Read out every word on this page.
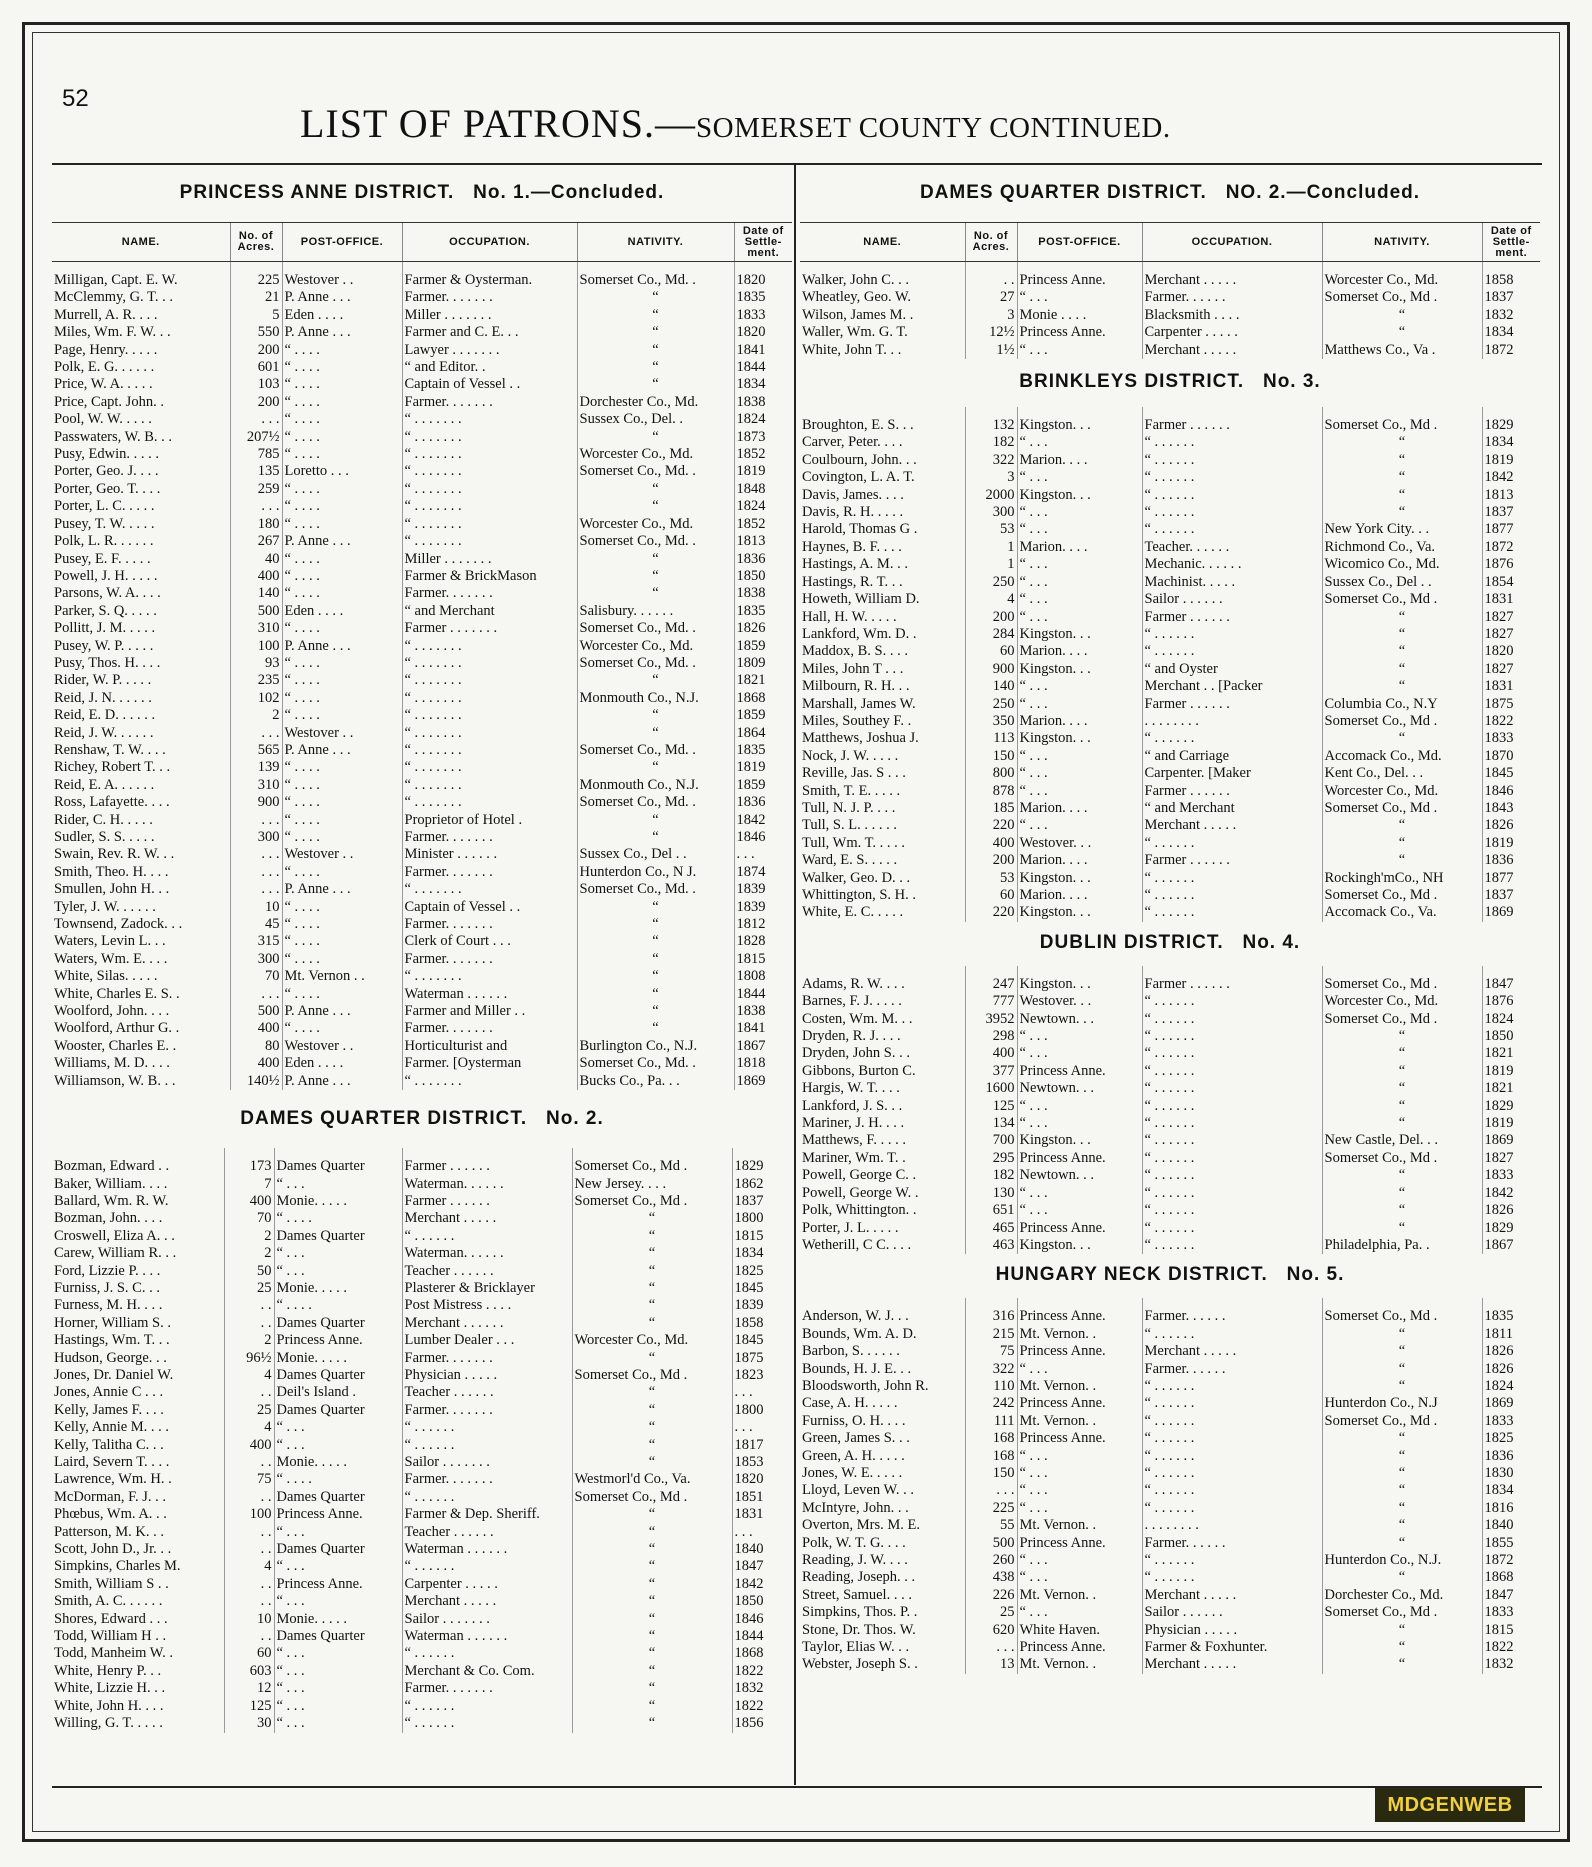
52
LIST OF PATRONS.—SOMERSET COUNTY CONTINUED.
PRINCESS ANNE DISTRICT. No. 1.—Concluded.
NAME.	No. of Acres.	POST-OFFICE.	OCCUPATION.	NATIVITY.	Date of Settle-ment.

Milligan, Capt. E. W.	225	Westover . .	Farmer & Oysterman.	Somerset Co., Md. .	1820
McClemmy, G. T. . .	21	P. Anne . . .	Farmer. . . . . . .	“	1835
Murrell, A. R. . . .	5	Eden . . . .	Miller . . . . . . .	“	1833
Miles, Wm. F. W. . .	550	P. Anne . . .	Farmer and C. E. . .	“	1820
Page, Henry. . . . .	200	“ . . . .	Lawyer . . . . . . .	“	1841
Polk, E. G. . . . . .	601	“ . . . .	“ and Editor. .	“	1844
Price, W. A. . . . .	103	“ . . . .	Captain of Vessel . .	“	1834
Price, Capt. John. .	200	“ . . . .	Farmer. . . . . . .	Dorchester Co., Md.	1838
Pool, W. W. . . . .	. . .	“ . . . .	“ . . . . . . .	Sussex Co., Del. .	1824
Passwaters, W. B. . .	207½	“ . . . .	“ . . . . . . .	“	1873
Pusy, Edwin. . . . .	785	“ . . . .	“ . . . . . . .	Worcester Co., Md.	1852
Porter, Geo. J. . . .	135	Loretto . . .	“ . . . . . . .	Somerset Co., Md. .	1819
Porter, Geo. T. . . .	259	“ . . . .	“ . . . . . . .	“	1848
Porter, L. C. . . . .	. . .	“ . . . .	“ . . . . . . .	“	1824
Pusey, T. W. . . . .	180	“ . . . .	“ . . . . . . .	Worcester Co., Md.	1852
Polk, L. R. . . . . .	267	P. Anne . . .	“ . . . . . . .	Somerset Co., Md. .	1813
Pusey, E. F. . . . .	40	“ . . . .	Miller . . . . . . .	“	1836
Powell, J. H. . . . .	400	“ . . . .	Farmer & BrickMason	“	1850
Parsons, W. A. . . .	140	“ . . . .	Farmer. . . . . . .	“	1838
Parker, S. Q. . . . .	500	Eden . . . .	“ and Merchant	Salisbury. . . . . .	1835
Pollitt, J. M. . . . .	310	“ . . . .	Farmer . . . . . . .	Somerset Co., Md. .	1826
Pusey, W. P. . . . .	100	P. Anne . . .	“ . . . . . . .	Worcester Co., Md.	1859
Pusy, Thos. H. . . .	93	“ . . . .	“ . . . . . . .	Somerset Co., Md. .	1809
Rider, W. P. . . . .	235	“ . . . .	“ . . . . . . .	“	1821
Reid, J. N. . . . . .	102	“ . . . .	“ . . . . . . .	Monmouth Co., N.J.	1868
Reid, E. D. . . . . .	2	“ . . . .	“ . . . . . . .	“	1859
Reid, J. W. . . . . .	. . .	Westover . .	“ . . . . . . .	“	1864
Renshaw, T. W. . . .	565	P. Anne . . .	“ . . . . . . .	Somerset Co., Md. .	1835
Richey, Robert T. . .	139	“ . . . .	“ . . . . . . .	“	1819
Reid, E. A. . . . . .	310	“ . . . .	“ . . . . . . .	Monmouth Co., N.J.	1859
Ross, Lafayette. . . .	900	“ . . . .	“ . . . . . . .	Somerset Co., Md. .	1836
Rider, C. H. . . . .	. . .	“ . . . .	Proprietor of Hotel .	“	1842
Sudler, S. S. . . . .	300	“ . . . .	Farmer. . . . . . .	“	1846
Swain, Rev. R. W. . .	. . .	Westover . .	Minister . . . . . .	Sussex Co., Del . .	. . .
Smith, Theo. H. . . .	. . .	“ . . . .	Farmer. . . . . . .	Hunterdon Co., N J.	1874
Smullen, John H. . .	. . .	P. Anne . . .	“ . . . . . . .	Somerset Co., Md. .	1839
Tyler, J. W. . . . . .	10	“ . . . .	Captain of Vessel . .	“	1839
Townsend, Zadock. . .	45	“ . . . .	Farmer. . . . . . .	“	1812
Waters, Levin L. . .	315	“ . . . .	Clerk of Court . . .	“	1828
Waters, Wm. E. . . .	300	“ . . . .	Farmer. . . . . . .	“	1815
White, Silas. . . . .	70	Mt. Vernon . .	“ . . . . . . .	“	1808
White, Charles E. S. .	. . .	“ . . . .	Waterman . . . . . .	“	1844
Woolford, John. . . .	500	P. Anne . . .	Farmer and Miller . .	“	1838
Woolford, Arthur G. .	400	“ . . . .	Farmer. . . . . . .	“	1841
Wooster, Charles E. .	80	Westover . .	Horticulturist and	Burlington Co., N.J.	1867
Williams, M. D. . . .	400	Eden . . . .	Farmer. [Oysterman	Somerset Co., Md. .	1818
Williamson, W. B. . .	140½	P. Anne . . .	“ . . . . . . .	Bucks Co., Pa. . .	1869
DAMES QUARTER DISTRICT. No. 2.

Bozman, Edward . .	173	Dames Quarter	Farmer . . . . . .	Somerset Co., Md .	1829
Baker, William. . . .	7	“ . . .	Waterman. . . . . .	New Jersey. . . .	1862
Ballard, Wm. R. W.	400	Monie. . . . .	Farmer . . . . . .	Somerset Co., Md .	1837
Bozman, John. . . .	70	“ . . . .	Merchant . . . . .	“	1800
Croswell, Eliza A. . .	2	Dames Quarter	“ . . . . . .	“	1815
Carew, William R. . .	2	“ . . .	Waterman. . . . . .	“	1834
Ford, Lizzie P. . . .	50	“ . . .	Teacher . . . . . .	“	1825
Furniss, J. S. C. . .	25	Monie. . . . .	Plasterer & Bricklayer	“	1845
Furness, M. H. . . .	. .	“ . . . .	Post Mistress . . . .	“	1839
Horner, William S. .	. .	Dames Quarter	Merchant . . . . . .	“	1858
Hastings, Wm. T. . .	2	Princess Anne.	Lumber Dealer . . .	Worcester Co., Md.	1845
Hudson, George. . .	96½	Monie. . . . .	Farmer. . . . . . .	“	1875
Jones, Dr. Daniel W.	4	Dames Quarter	Physician . . . . .	Somerset Co., Md .	1823
Jones, Annie C . . .	. .	Deil's Island .	Teacher . . . . . .	“	. . .
Kelly, James F. . . .	25	Dames Quarter	Farmer. . . . . . .	“	1800
Kelly, Annie M. . . .	4	“ . . .	“ . . . . . .	“	. . .
Kelly, Talitha C. . .	400	“ . . .	“ . . . . . .	“	1817
Laird, Severn T. . . .	. .	Monie. . . . .	Sailor . . . . . . .	“	1853
Lawrence, Wm. H. .	75	“ . . . .	Farmer. . . . . . .	Westmorl'd Co., Va.	1820
McDorman, F. J. . .	. .	Dames Quarter	“ . . . . . .	Somerset Co., Md .	1851
Phœbus, Wm. A. . .	100	Princess Anne.	Farmer & Dep. Sheriff.	“	1831
Patterson, M. K. . .	. .	“ . . .	Teacher . . . . . .	“	. . .
Scott, John D., Jr. . .	. .	Dames Quarter	Waterman . . . . . .	“	1840
Simpkins, Charles M.	4	“ . . .	“ . . . . . .	“	1847
Smith, William S . .	. .	Princess Anne.	Carpenter . . . . .	“	1842
Smith, A. C. . . . . .	. .	“ . . .	Merchant . . . . .	“	1850
Shores, Edward . . .	10	Monie. . . . .	Sailor . . . . . . .	“	1846
Todd, William H . .	. .	Dames Quarter	Waterman . . . . . .	“	1844
Todd, Manheim W. .	60	“ . . .	“ . . . . . .	“	1868
White, Henry P. . .	603	“ . . .	Merchant & Co. Com.	“	1822
White, Lizzie H. . .	12	“ . . .	Farmer. . . . . . .	“	1832
White, John H. . . .	125	“ . . .	“ . . . . . .	“	1822
Willing, G. T. . . . .	30	“ . . .	“ . . . . . .	“	1856
DAMES QUARTER DISTRICT. NO. 2.—Concluded.
NAME.	No. of Acres.	POST-OFFICE.	OCCUPATION.	NATIVITY.	Date of Settle-ment.

Walker, John C. . .	. .	Princess Anne.	Merchant . . . . .	Worcester Co., Md.	1858
Wheatley, Geo. W.	27	“ . . .	Farmer. . . . . .	Somerset Co., Md .	1837
Wilson, James M. .	3	Monie . . . .	Blacksmith . . . .	“	1832
Waller, Wm. G. T.	12½	Princess Anne.	Carpenter . . . . .	“	1834
White, John T. . .	1½	“ . . .	Merchant . . . . .	Matthews Co., Va .	1872
BRINKLEYS DISTRICT. No. 3.

Broughton, E. S. . .	132	Kingston. . .	Farmer . . . . . .	Somerset Co., Md .	1829
Carver, Peter. . . .	182	“ . . .	“ . . . . . .	“	1834
Coulbourn, John. . .	322	Marion. . . .	“ . . . . . .	“	1819
Covington, L. A. T.	3	“ . . .	“ . . . . . .	“	1842
Davis, James. . . .	2000	Kingston. . .	“ . . . . . .	“	1813
Davis, R. H. . . . .	300	“ . . .	“ . . . . . .	“	1837
Harold, Thomas G .	53	“ . . .	“ . . . . . .	New York City. . .	1877
Haynes, B. F. . . .	1	Marion. . . .	Teacher. . . . . .	Richmond Co., Va.	1872
Hastings, A. M. . .	1	“ . . .	Mechanic. . . . . .	Wicomico Co., Md.	1876
Hastings, R. T. . .	250	“ . . .	Machinist. . . . .	Sussex Co., Del . .	1854
Howeth, William D.	4	“ . . .	Sailor . . . . . .	Somerset Co., Md .	1831
Hall, H. W. . . . .	200	“ . . .	Farmer . . . . . .	“	1827
Lankford, Wm. D. .	284	Kingston. . .	“ . . . . . .	“	1827
Maddox, B. S. . . .	60	Marion. . . .	“ . . . . . .	“	1820
Miles, John T . . .	900	Kingston. . .	“ and Oyster	“	1827
Milbourn, R. H. . .	140	“ . . .	Merchant . . [Packer	“	1831
Marshall, James W.	250	“ . . .	Farmer . . . . . .	Columbia Co., N.Y	1875
Miles, Southey F. .	350	Marion. . . .	. . . . . . . .	Somerset Co., Md .	1822
Matthews, Joshua J.	113	Kingston. . .	“ . . . . . .	“	1833
Nock, J. W. . . . .	150	“ . . .	“ and Carriage	Accomack Co., Md.	1870
Reville, Jas. S . . .	800	“ . . .	Carpenter. [Maker	Kent Co., Del. . .	1845
Smith, T. E. . . . .	878	“ . . .	Farmer . . . . . .	Worcester Co., Md.	1846
Tull, N. J. P. . . .	185	Marion. . . .	“ and Merchant	Somerset Co., Md .	1843
Tull, S. L. . . . . .	220	“ . . .	Merchant . . . . .	“	1826
Tull, Wm. T. . . . .	400	Westover. . .	“ . . . . . .	“	1819
Ward, E. S. . . . .	200	Marion. . . .	Farmer . . . . . .	“	1836
Walker, Geo. D. . .	53	Kingston. . .	“ . . . . . .	Rockingh'mCo., NH	1877
Whittington, S. H. .	60	Marion. . . .	“ . . . . . .	Somerset Co., Md .	1837
White, E. C. . . . .	220	Kingston. . .	“ . . . . . .	Accomack Co., Va.	1869
DUBLIN DISTRICT. No. 4.

Adams, R. W. . . .	247	Kingston. . .	Farmer . . . . . .	Somerset Co., Md .	1847
Barnes, F. J. . . . .	777	Westover. . .	“ . . . . . .	Worcester Co., Md.	1876
Costen, Wm. M. . .	3952	Newtown. . .	“ . . . . . .	Somerset Co., Md .	1824
Dryden, R. J. . . .	298	“ . . .	“ . . . . . .	“	1850
Dryden, John S. . .	400	“ . . .	“ . . . . . .	“	1821
Gibbons, Burton C.	377	Princess Anne.	“ . . . . . .	“	1819
Hargis, W. T. . . .	1600	Newtown. . .	“ . . . . . .	“	1821
Lankford, J. S. . .	125	“ . . .	“ . . . . . .	“	1829
Mariner, J. H. . . .	134	“ . . .	“ . . . . . .	“	1819
Matthews, F. . . . .	700	Kingston. . .	“ . . . . . .	New Castle, Del. . .	1869
Mariner, Wm. T. .	295	Princess Anne.	“ . . . . . .	Somerset Co., Md .	1827
Powell, George C. .	182	Newtown. . .	“ . . . . . .	“	1833
Powell, George W. .	130	“ . . .	“ . . . . . .	“	1842
Polk, Whittington. .	651	“ . . .	“ . . . . . .	“	1826
Porter, J. L. . . . .	465	Princess Anne.	“ . . . . . .	“	1829
Wetherill, C C. . . .	463	Kingston. . .	“ . . . . . .	Philadelphia, Pa. .	1867
HUNGARY NECK DISTRICT. No. 5.

Anderson, W. J. . .	316	Princess Anne.	Farmer. . . . . .	Somerset Co., Md .	1835
Bounds, Wm. A. D.	215	Mt. Vernon. .	“ . . . . . .	“	1811
Barbon, S. . . . . .	75	Princess Anne.	Merchant . . . . .	“	1826
Bounds, H. J. E. . .	322	“ . . .	Farmer. . . . . .	“	1826
Bloodsworth, John R.	110	Mt. Vernon. .	“ . . . . . .	“	1824
Case, A. H. . . . .	242	Princess Anne.	“ . . . . . .	Hunterdon Co., N.J	1869
Furniss, O. H. . . .	111	Mt. Vernon. .	“ . . . . . .	Somerset Co., Md .	1833
Green, James S. . .	168	Princess Anne.	“ . . . . . .	“	1825
Green, A. H. . . . .	168	“ . . .	“ . . . . . .	“	1836
Jones, W. E. . . . .	150	“ . . .	“ . . . . . .	“	1830
Lloyd, Leven W. . .	. . .	“ . . .	“ . . . . . .	“	1834
McIntyre, John. . .	225	“ . . .	“ . . . . . .	“	1816
Overton, Mrs. M. E.	55	Mt. Vernon. .	. . . . . . . .	“	1840
Polk, W. T. G. . . .	500	Princess Anne.	Farmer. . . . . .	“	1855
Reading, J. W. . . .	260	“ . . .	“ . . . . . .	Hunterdon Co., N.J.	1872
Reading, Joseph. . .	438	“ . . .	“ . . . . . .	“	1868
Street, Samuel. . . .	226	Mt. Vernon. .	Merchant . . . . .	Dorchester Co., Md.	1847
Simpkins, Thos. P. .	25	“ . . .	Sailor . . . . . .	Somerset Co., Md .	1833
Stone, Dr. Thos. W.	620	White Haven.	Physician . . . . .	“	1815
Taylor, Elias W. . .	. . .	Princess Anne.	Farmer & Foxhunter.	“	1822
Webster, Joseph S. .	13	Mt. Vernon. .	Merchant . . . . .	“	1832
MDGENWEB
